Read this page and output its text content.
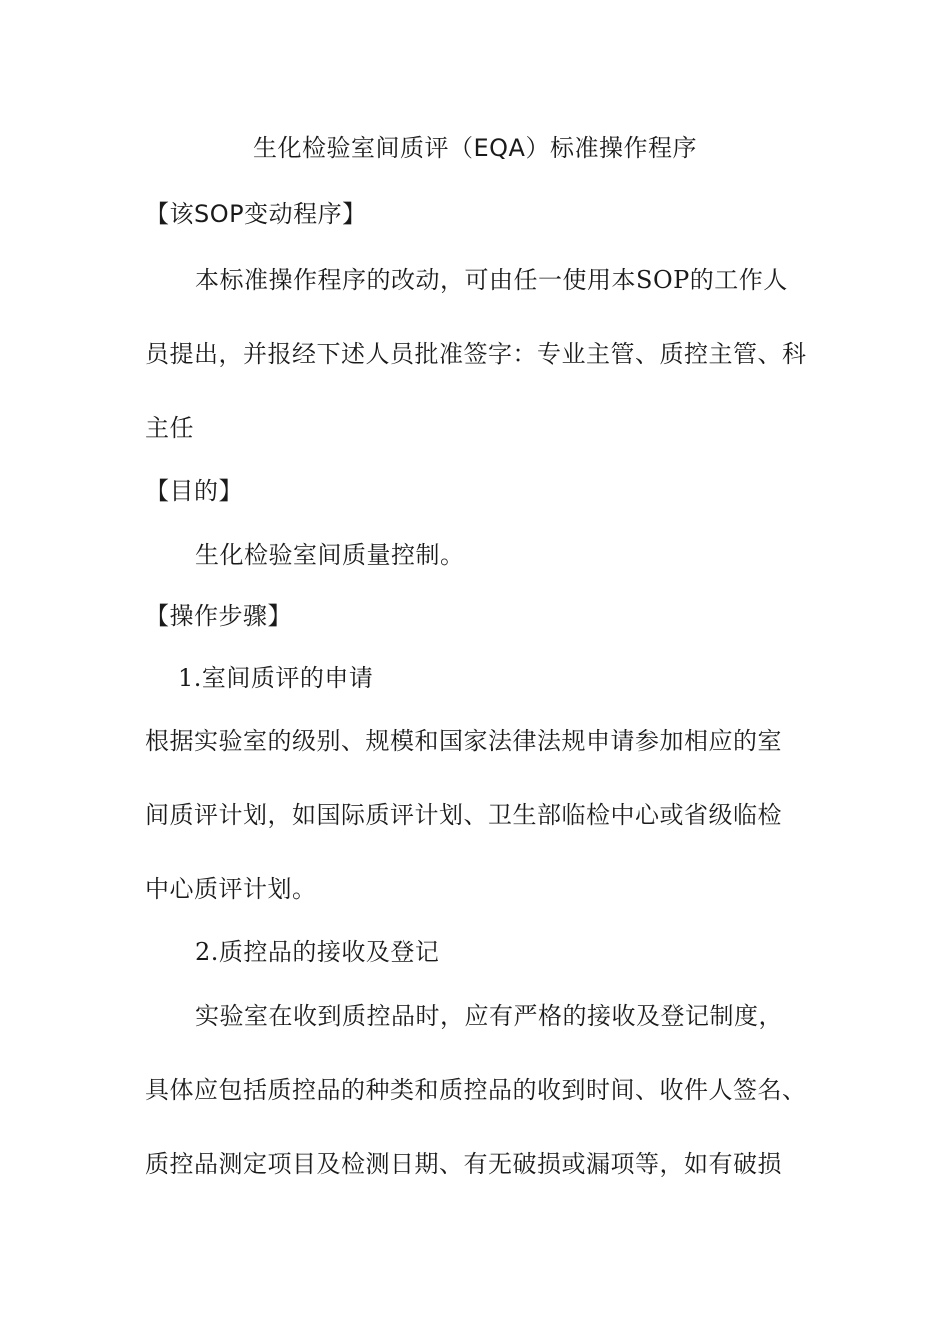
生化检验室间质评（EQA）标准操作程序
【该SOP变动程序】
本标准操作程序的改动，可由任一使用本SOP的工作人
员提出，并报经下述人员批准签字：专业主管、质控主管、科
主任
【目的】
生化检验室间质量控制。
【操作步骤】
1.室间质评的申请
根据实验室的级别、规模和国家法律法规申请参加相应的室
间质评计划，如国际质评计划、卫生部临检中心或省级临检
中心质评计划。
2.质控品的接收及登记
实验室在收到质控品时，应有严格的接收及登记制度，
具体应包括质控品的种类和质控品的收到时间、收件人签名、
质控品测定项目及检测日期、有无破损或漏项等，如有破损
